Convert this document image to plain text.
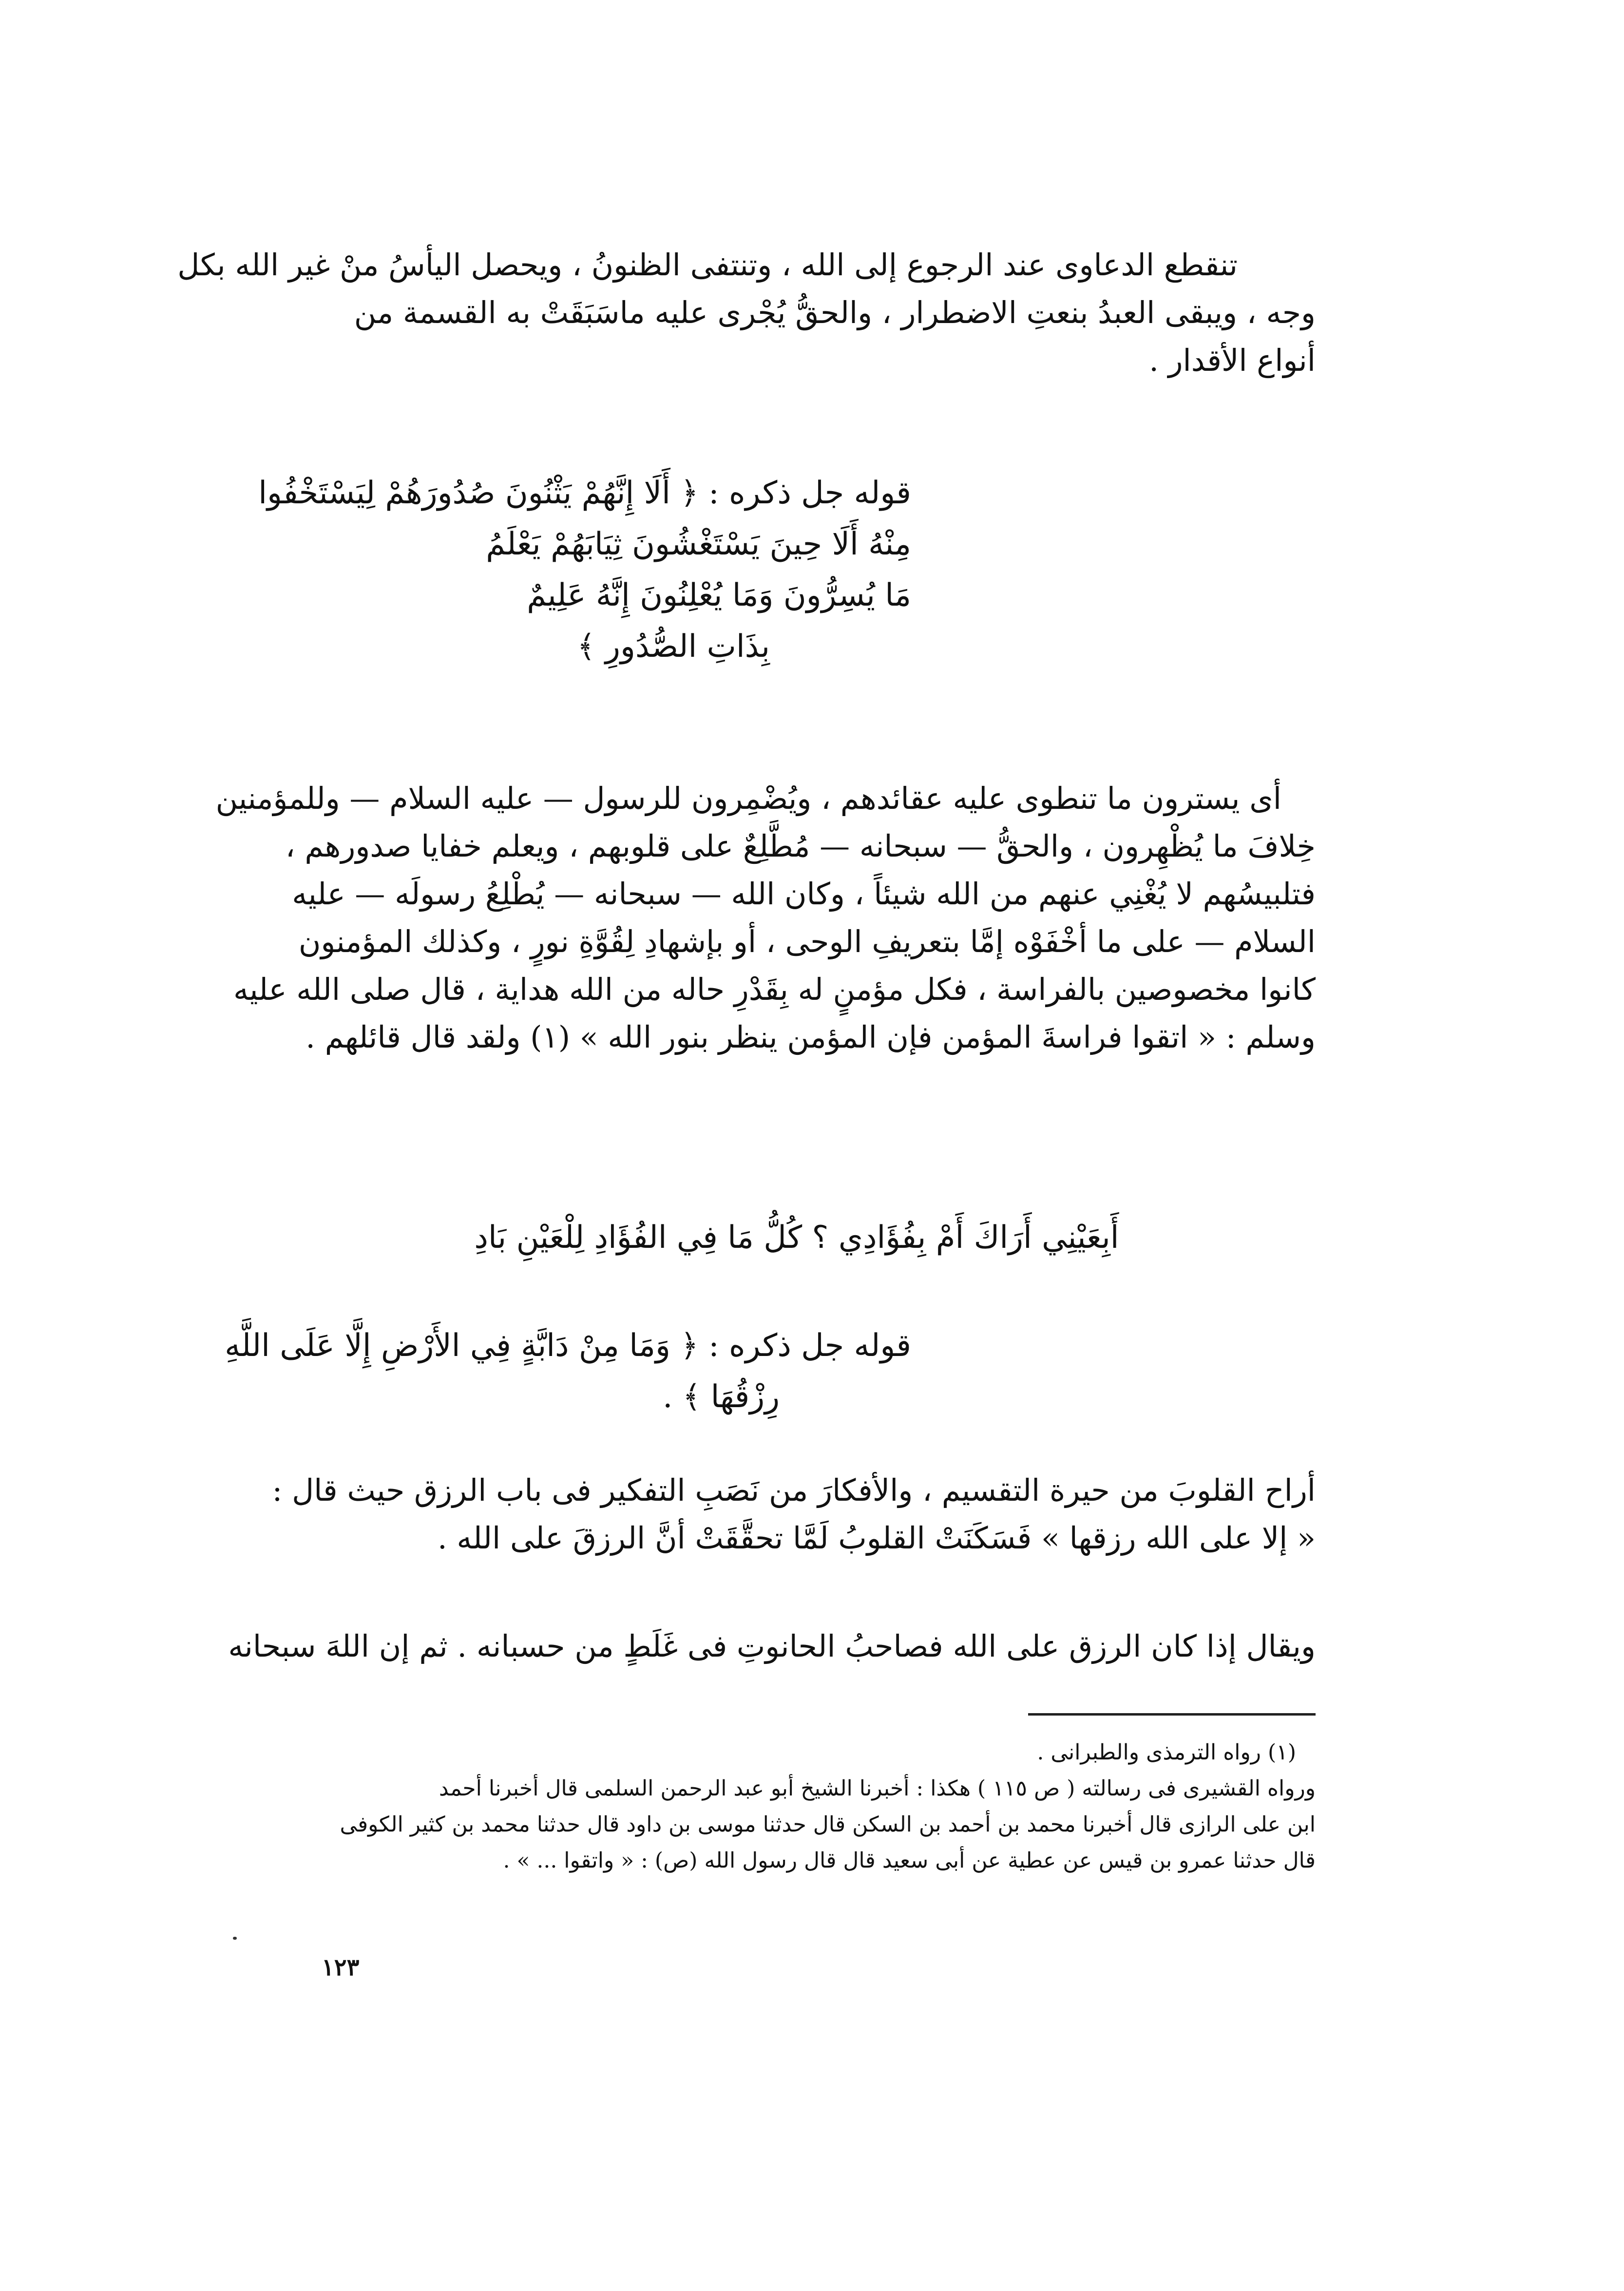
تنقطع الدعاوى عند الرجوع إلى الله ، وتنتفى الظنونُ ، ويحصل اليأسُ منْ غير الله بكل
وجه ، ويبقى العبدُ بنعتِ الاضطرار ، والحقُّ يُجْرى عليه ماسَبَقَتْ به القسمة من
أنواع الأقدار .
قوله جل ذكره : ﴿ أَلَا إِنَّهُمْ يَثْنُونَ صُدُورَهُمْ لِيَسْتَخْفُوا
مِنْهُ أَلَا حِينَ يَسْتَغْشُونَ ثِيَابَهُمْ يَعْلَمُ
مَا يُسِرُّونَ وَمَا يُعْلِنُونَ إِنَّهُ عَلِيمٌ
بِذَاتِ الصُّدُورِ ﴾
أى يسترون ما تنطوى عليه عقائدهم ، ويُضْمِرون للرسول — عليه السلام — وللمؤمنين
خِلافَ ما يُظْهِرون ، والحقُّ — سبحانه — مُطَّلِعٌ على قلوبهم ، ويعلم خفايا صدورهم ،
فتلبيسُهم لا يُغْنِي عنهم من الله شيئاً ، وكان الله — سبحانه — يُطْلِعُ رسولَه — عليه
السلام — على ما أخْفَوْه إمَّا بتعريفِ الوحى ، أو بإشهادِ لِقُوَّةِ نورٍ ، وكذلك المؤمنون
كانوا مخصوصين بالفراسة ، فكل مؤمنٍ له بِقَدْرِ حاله من الله هداية ، قال صلى الله عليه
وسلم : « اتقوا فراسةَ المؤمن فإن المؤمن ينظر بنور الله » (١) ولقد قال قائلهم .
أَبِعَيْنِي أَرَاكَ أَمْ بِفُؤَادِي ؟ كُلُّ مَا فِي الفُؤَادِ لِلْعَيْنِ بَادِ
قوله جل ذكره : ﴿ وَمَا مِنْ دَابَّةٍ فِي الأَرْضِ إِلَّا عَلَى اللَّهِ
رِزْقُهَا ﴾ .
أراح القلوبَ من حيرة التقسيم ، والأفكارَ من نَصَبِ التفكير فى باب الرزق حيث قال :
« إلا على الله رزقها » فَسَكَنَتْ القلوبُ لَمَّا تحقَّقَتْ أنَّ الرزقَ على الله .
ويقال إذا كان الرزق على الله فصاحبُ الحانوتِ فى غَلَطٍ من حسبانه . ثم إن اللهَ سبحانه
(١) رواه الترمذى والطبرانى .
ورواه القشيرى فى رسالته ( ص ١١٥ ) هكذا : أخبرنا الشيخ أبو عبد الرحمن السلمى قال أخبرنا أحمد
ابن على الرازى قال أخبرنا محمد بن أحمد بن السكن قال حدثنا موسى بن داود قال حدثنا محمد بن كثير الكوفى
قال حدثنا عمرو بن قيس عن عطية عن أبى سعيد قال قال رسول الله (ص) : « واتقوا ... » .
١٢٣
